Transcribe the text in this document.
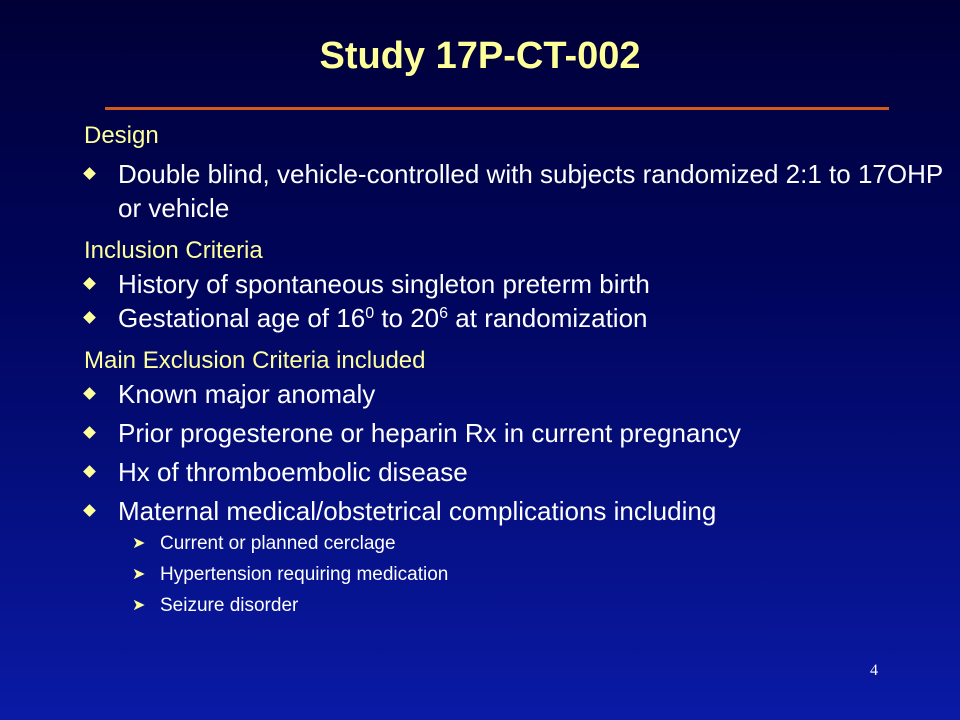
Study 17P-CT-002
Design
Double blind, vehicle-controlled with subjects randomized 2:1 to 17OHP or vehicle
Inclusion Criteria
History of spontaneous singleton preterm birth
Gestational age of $16^0$ to $20^6$ at randomization
Main Exclusion Criteria included
Known major anomaly
Prior progesterone or heparin Rx in current pregnancy
Hx of thromboembolic disease
Maternal medical/obstetrical complications including
➤ Current or planned cerclage
➤ Hypertension requiring medication
➤ Seizure disorder
4
